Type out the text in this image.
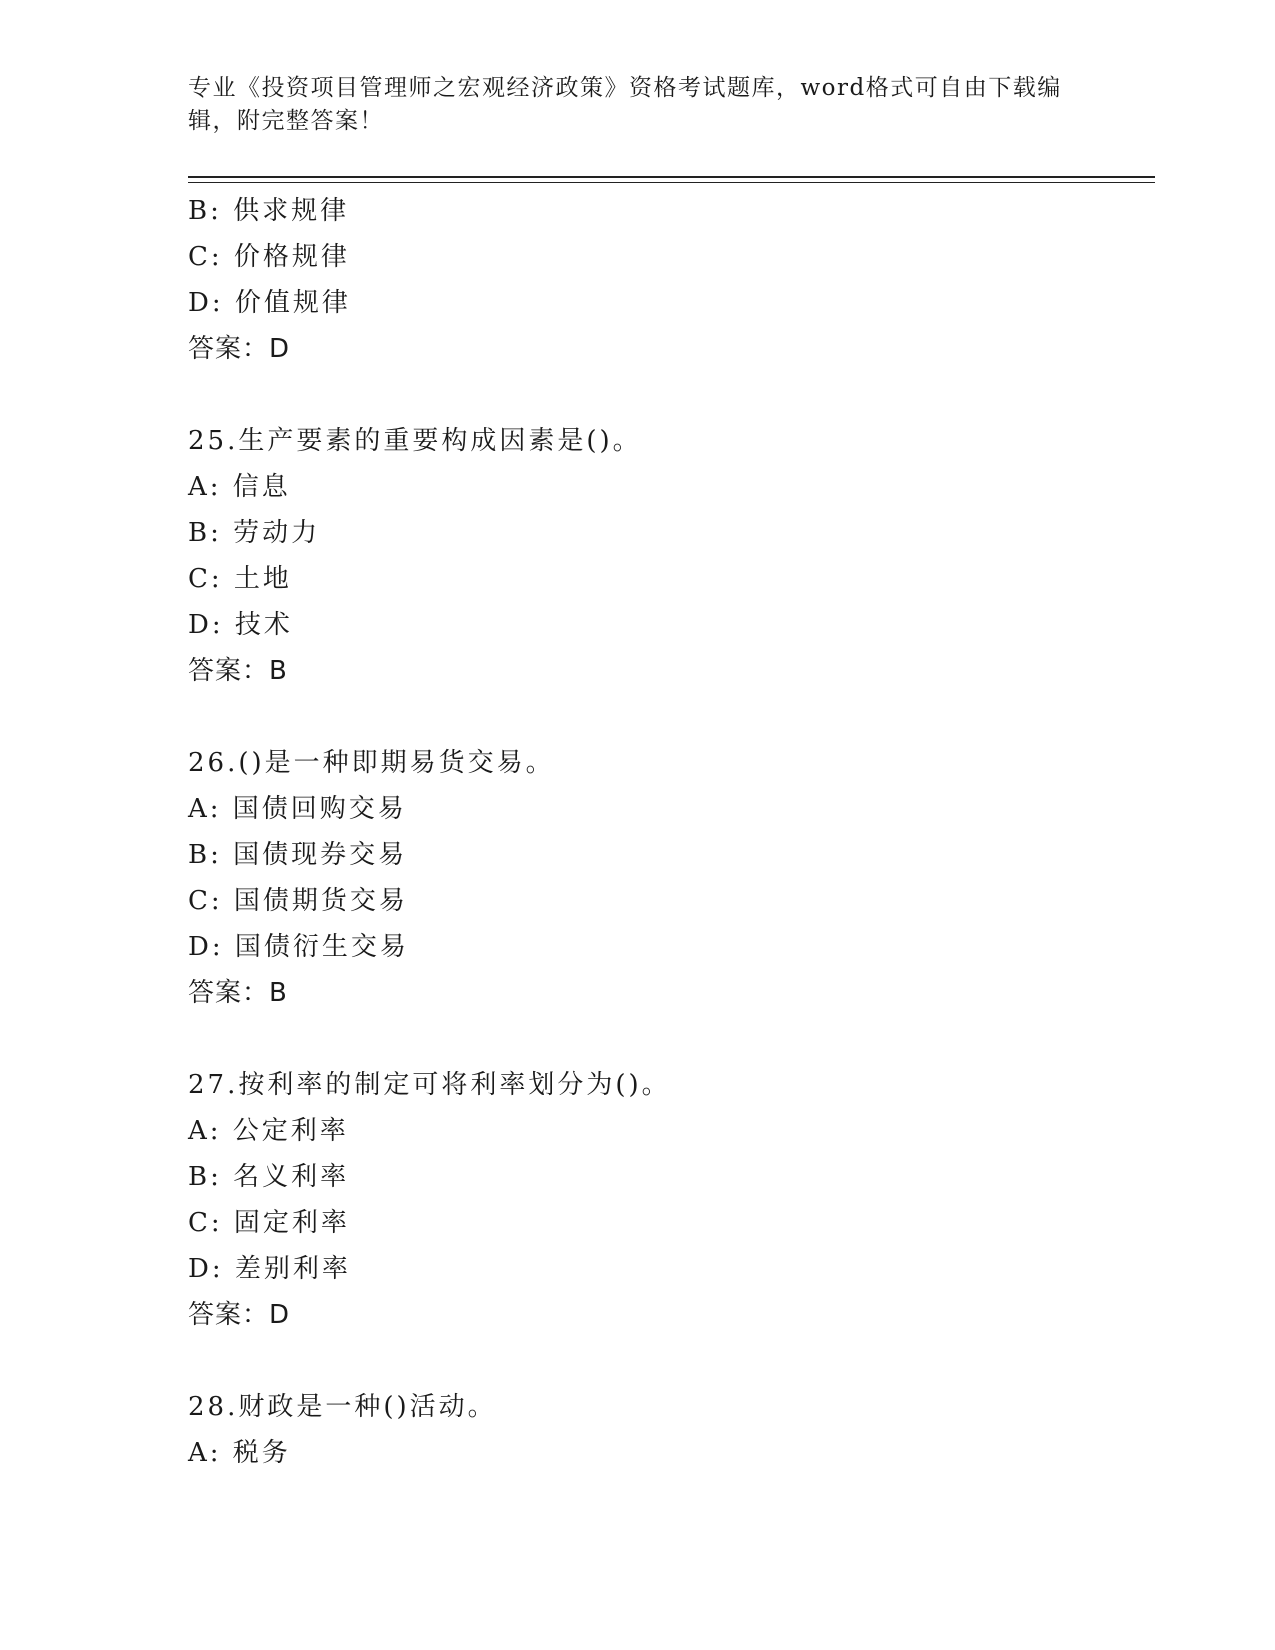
专业《投资项目管理师之宏观经济政策》资格考试题库，word格式可自由下载编辑，附完整答案！
B: 供求规律
C: 价格规律
D: 价值规律
答案：D
25.生产要素的重要构成因素是()。
A: 信息
B: 劳动力
C: 土地
D: 技术
答案：B
26.()是一种即期易货交易。
A: 国债回购交易
B: 国债现券交易
C: 国债期货交易
D: 国债衍生交易
答案：B
27.按利率的制定可将利率划分为()。
A: 公定利率
B: 名义利率
C: 固定利率
D: 差别利率
答案：D
28.财政是一种()活动。
A: 税务
